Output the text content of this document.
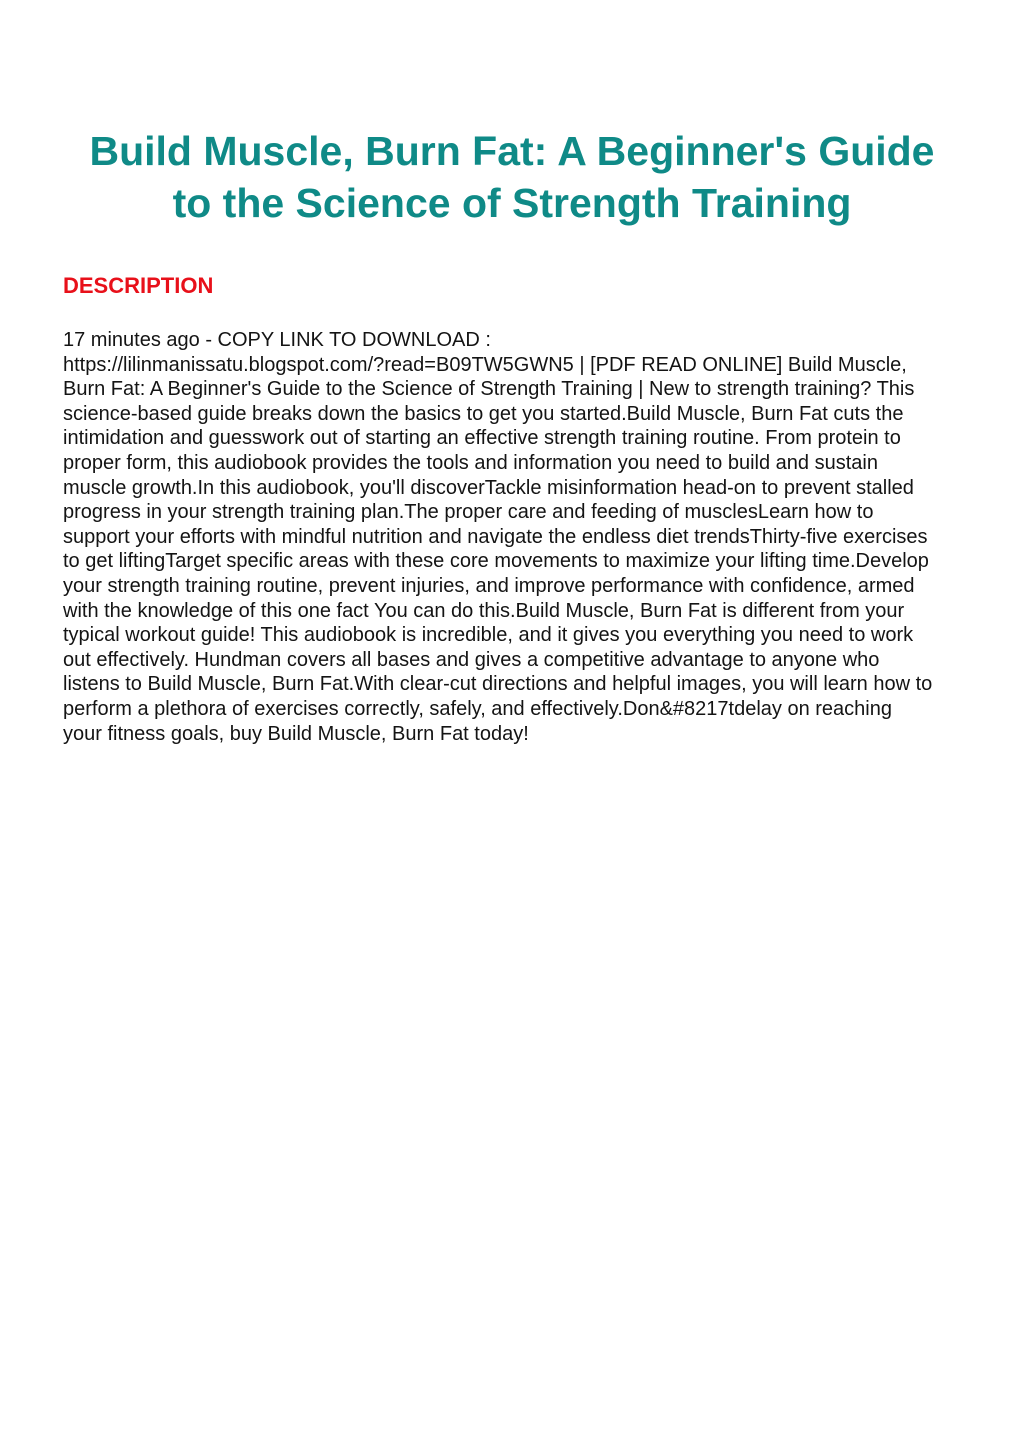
Build Muscle, Burn Fat: A Beginner's Guide
to the Science of Strength Training
DESCRIPTION

17 minutes ago - COPY LINK TO DOWNLOAD :
https://lilinmanissatu.blogspot.com/?read=B09TW5GWN5 | [PDF READ ONLINE] Build Muscle,
Burn Fat: A Beginner's Guide to the Science of Strength Training | New to strength training? This
science-based guide breaks down the basics to get you started.Build Muscle, Burn Fat cuts the
intimidation and guesswork out of starting an effective strength training routine. From protein to
proper form, this audiobook provides the tools and information you need to build and sustain
muscle growth.In this audiobook, you'll discoverTackle misinformation head-on to prevent stalled
progress in your strength training plan.The proper care and feeding of musclesLearn how to
support your efforts with mindful nutrition and navigate the endless diet trendsThirty-five exercises
to get liftingTarget specific areas with these core movements to maximize your lifting time.Develop
your strength training routine, prevent injuries, and improve performance with confidence, armed
with the knowledge of this one fact You can do this.Build Muscle, Burn Fat is different from your
typical workout guide! This audiobook is incredible, and it gives you everything you need to work
out effectively. Hundman covers all bases and gives a competitive advantage to anyone who
listens to Build Muscle, Burn Fat.With clear-cut directions and helpful images, you will learn how to
perform a plethora of exercises correctly, safely, and effectively.Don&#8217tdelay on reaching
your fitness goals, buy Build Muscle, Burn Fat today!
